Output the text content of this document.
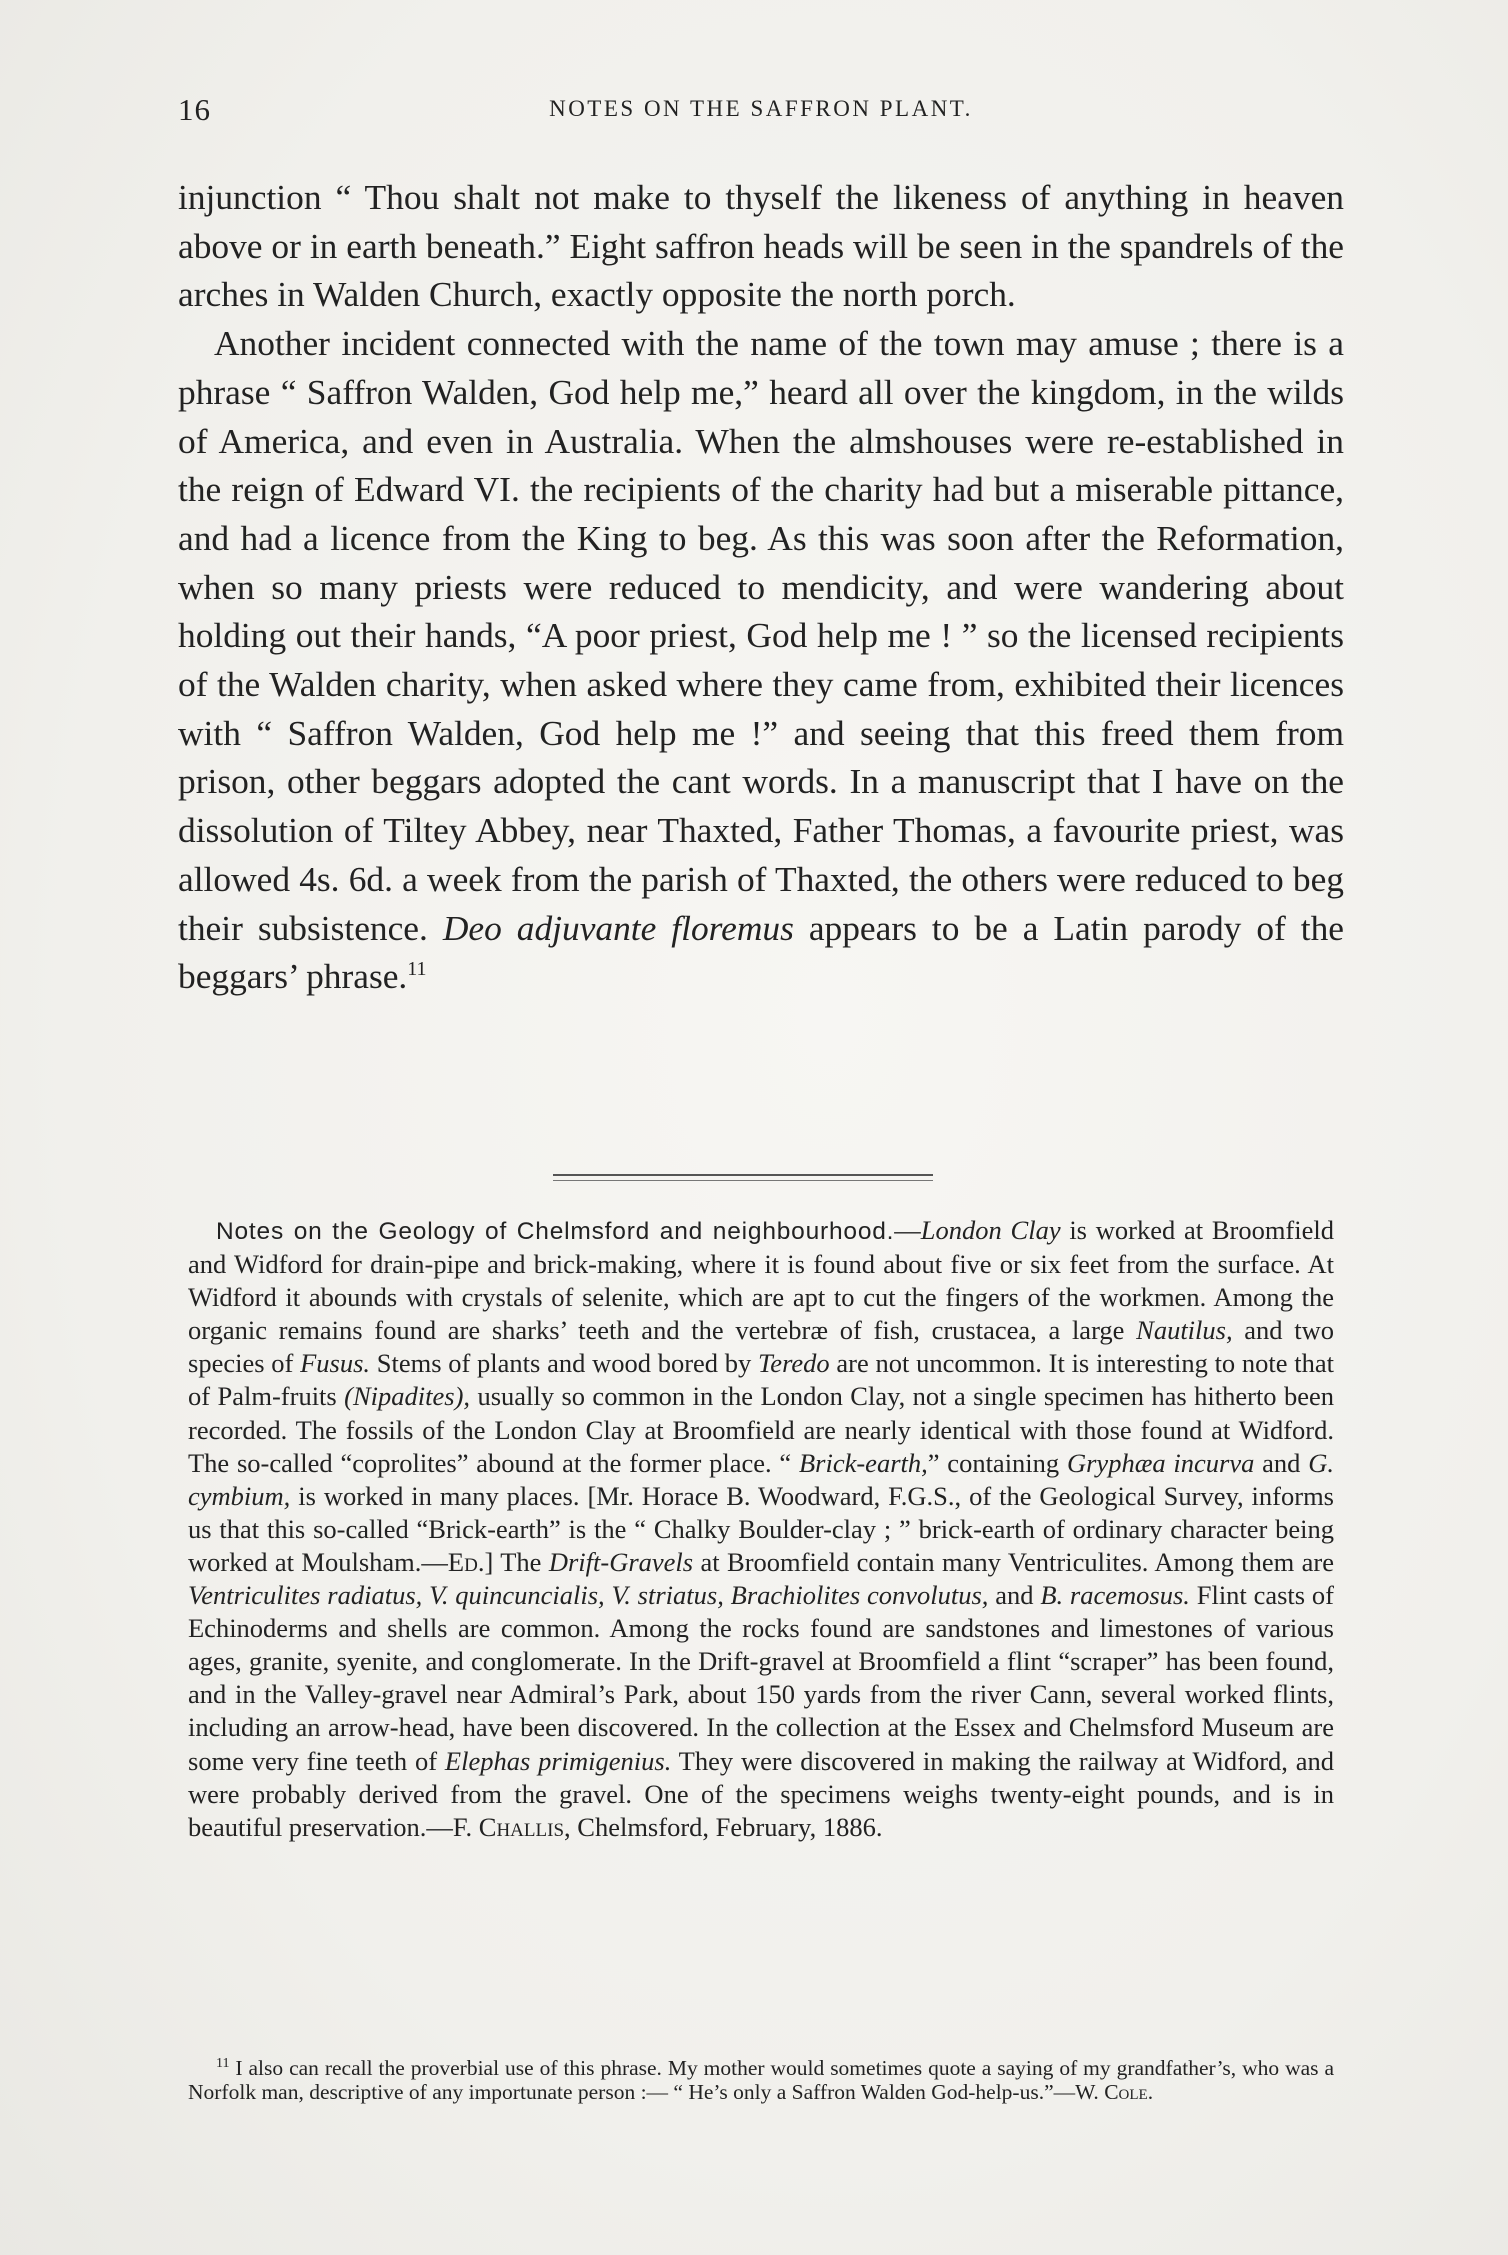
16	NOTES ON THE SAFFRON PLANT.

injunction “ Thou shalt not make to thyself the likeness of anything in heaven above or in earth beneath.” Eight saffron heads will be seen in the spandrels of the arches in Walden Church, exactly opposite the north porch.

Another incident connected with the name of the town may amuse ; there is a phrase “ Saffron Walden, God help me,” heard all over the kingdom, in the wilds of America, and even in Australia. When the almshouses were re-established in the reign of Edward VI. the recipients of the charity had but a miserable pittance, and had a licence from the King to beg. As this was soon after the Reformation, when so many priests were reduced to mendicity, and were wandering about holding out their hands, “A poor priest, God help me ! ” so the licensed recipients of the Walden charity, when asked where they came from, exhibited their licences with “ Saffron Walden, God help me !” and seeing that this freed them from prison, other beggars adopted the cant words. In a manuscript that I have on the dissolution of Tiltey Abbey, near Thaxted, Father Thomas, a favourite priest, was allowed 4s. 6d. a week from the parish of Thaxted, the others were reduced to beg their subsistence. Deo adjuvante floremus appears to be a Latin parody of the beggars’ phrase.$^{11}$

Notes on the Geology of Chelmsford and neighbourhood.—London Clay is worked at Broomfield and Widford for drain-pipe and brick-making, where it is found about five or six feet from the surface. At Widford it abounds with crystals of selenite, which are apt to cut the fingers of the workmen. Among the organic remains found are sharks’ teeth and the vertebræ of fish, crustacea, a large Nautilus, and two species of Fusus. Stems of plants and wood bored by Teredo are not uncommon. It is interesting to note that of Palm-fruits (Nipadites), usually so common in the London Clay, not a single specimen has hitherto been recorded. The fossils of the London Clay at Broomfield are nearly identical with those found at Widford. The so-called “coprolites” abound at the former place. “ Brick-earth,” containing Gryphæa incurva and G. cymbium, is worked in many places. [Mr. Horace B. Woodward, F.G.S., of the Geological Survey, informs us that this so-called “Brick-earth” is the “ Chalky Boulder-clay ; ” brick-earth of ordinary character being worked at Moulsham.—Ed.] The Drift-Gravels at Broomfield contain many Ventriculites. Among them are Ventriculites radiatus, V. quincuncialis, V. striatus, Brachiolites convolutus, and B. racemosus. Flint casts of Echinoderms and shells are common. Among the rocks found are sandstones and limestones of various ages, granite, syenite, and conglomerate. In the Drift-gravel at Broomfield a flint “scraper” has been found, and in the Valley-gravel near Admiral’s Park, about 150 yards from the river Cann, several worked flints, including an arrow-head, have been discovered. In the collection at the Essex and Chelmsford Museum are some very fine teeth of Elephas primigenius. They were discovered in making the railway at Widford, and were probably derived from the gravel. One of the specimens weighs twenty-eight pounds, and is in beautiful preservation.—F. Challis, Chelmsford, February, 1886.

$^{11}$ I also can recall the proverbial use of this phrase. My mother would sometimes quote a saying of my grandfather’s, who was a Norfolk man, descriptive of any importunate person :— “ He’s only a Saffron Walden God-help-us.”—W. Cole.
